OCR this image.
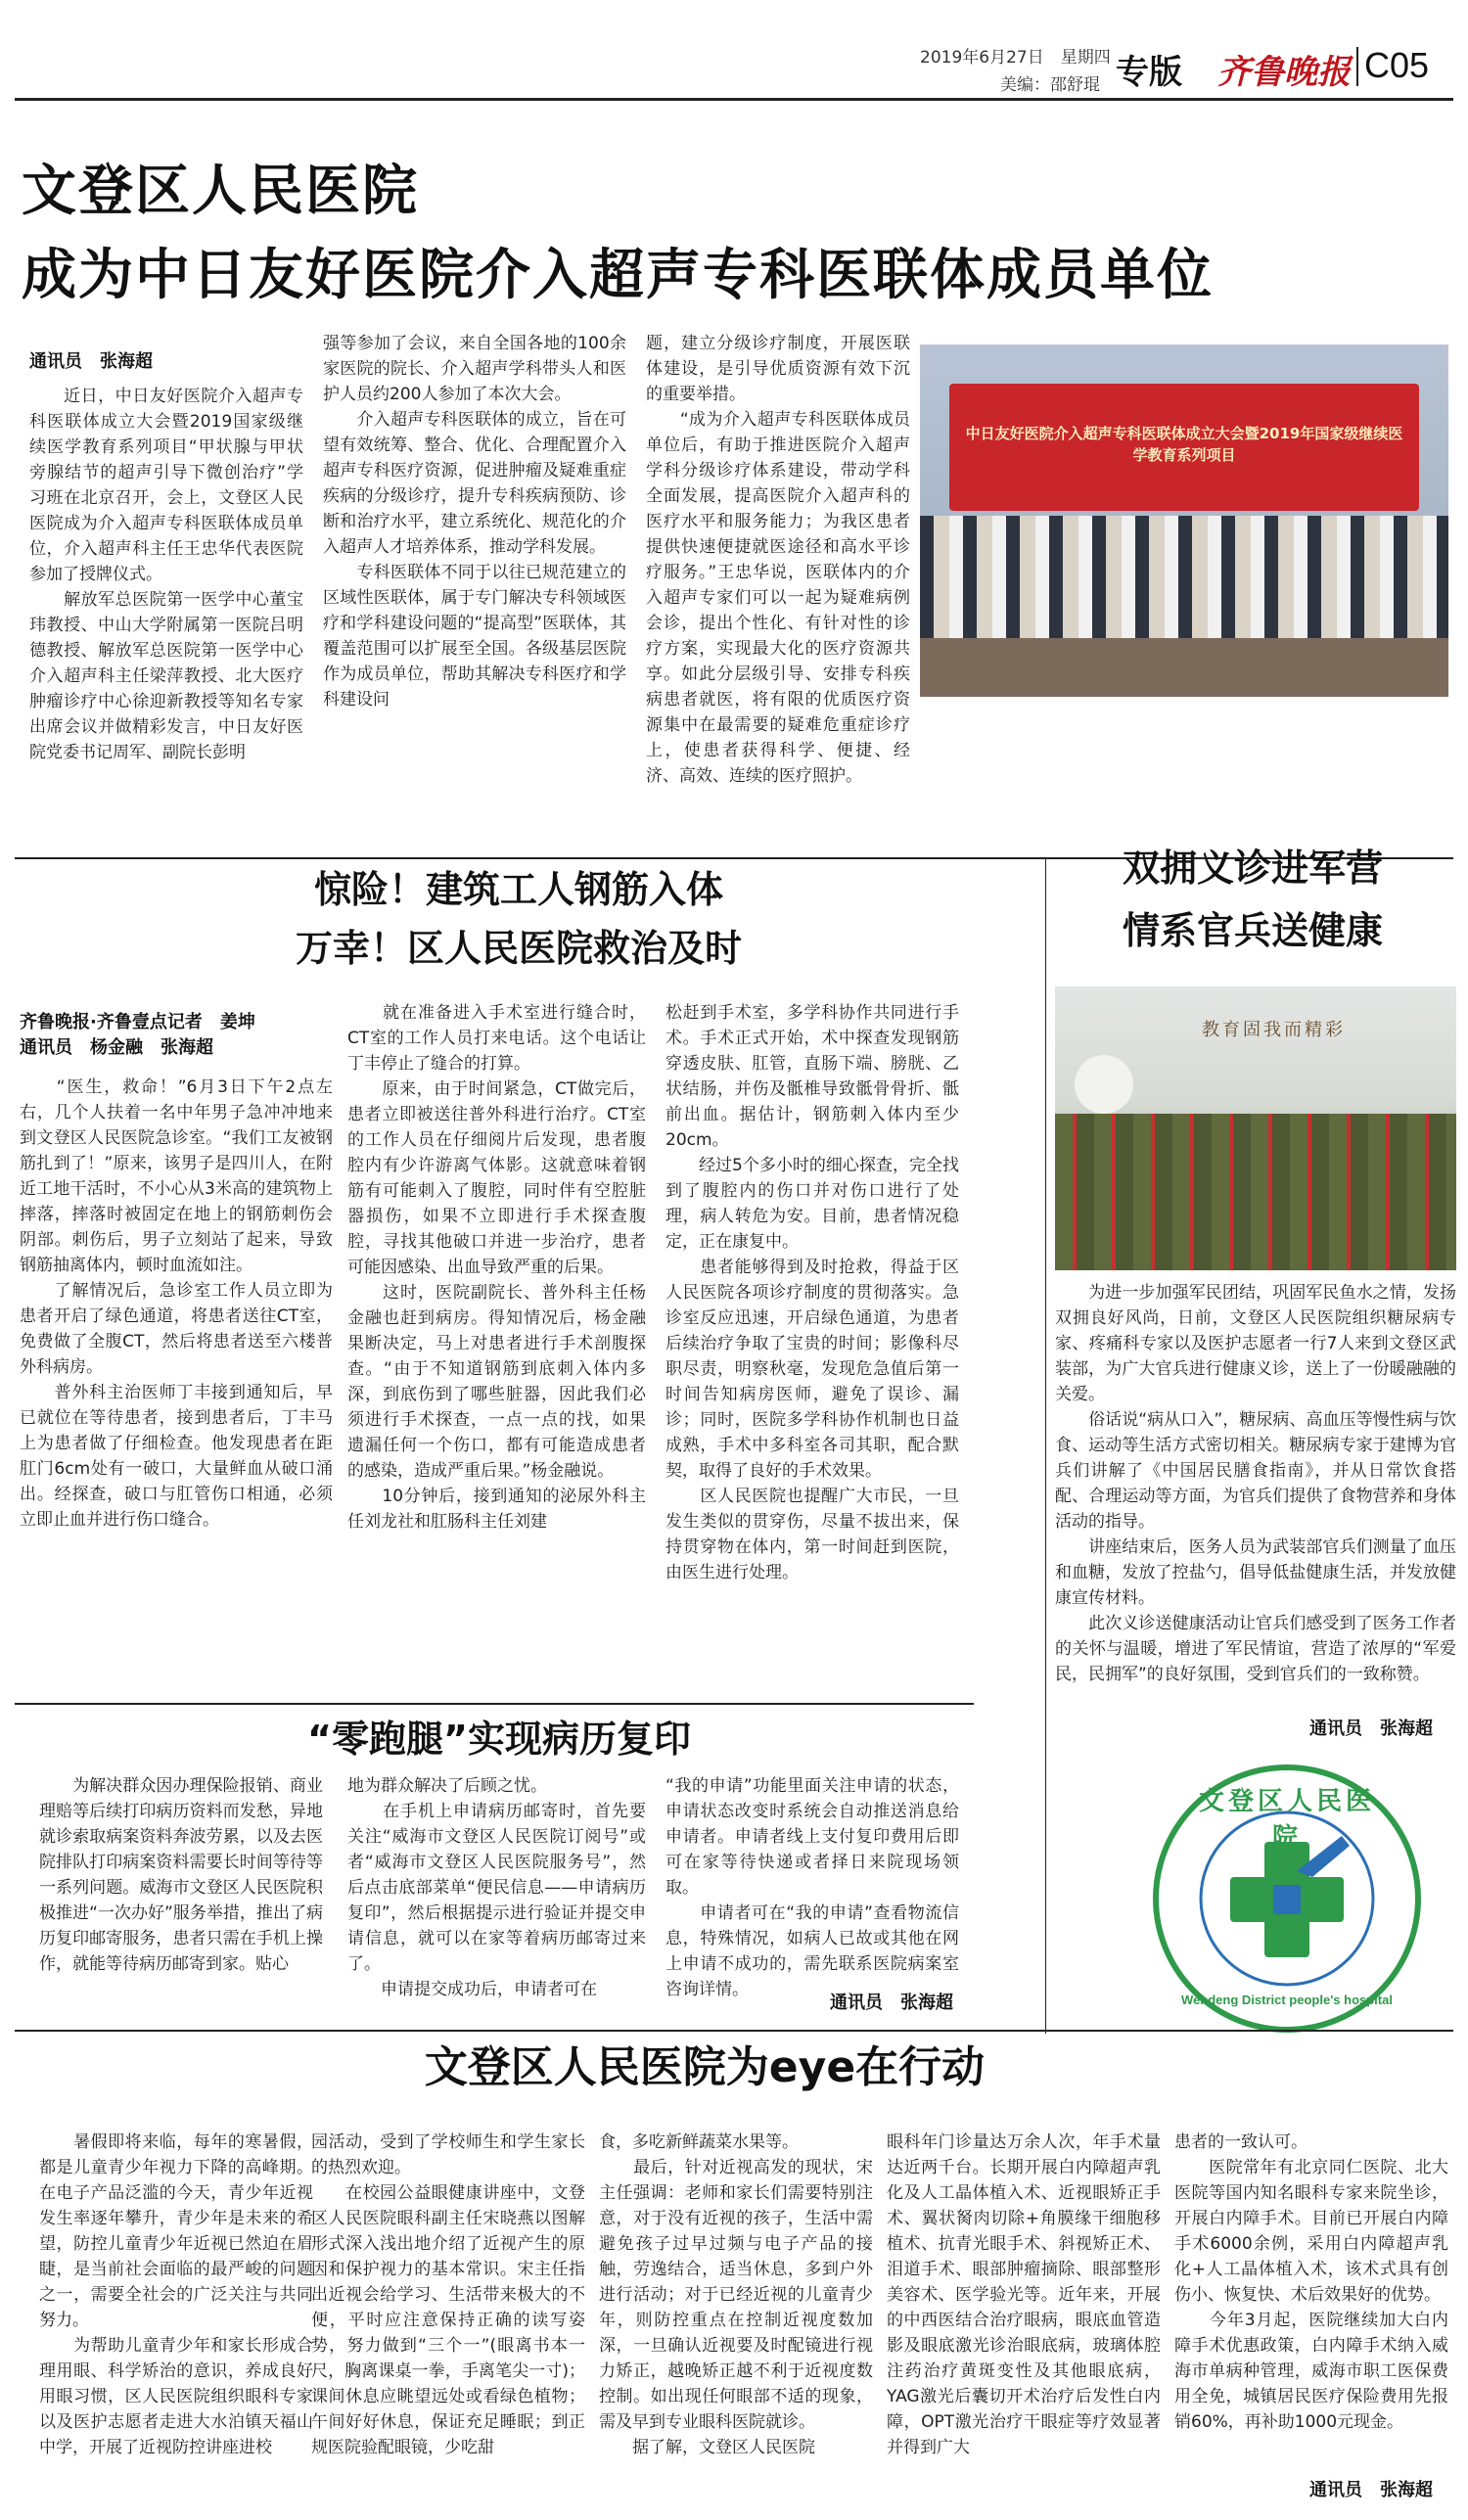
2019年6月27日　星期四
美编：邵舒琨 专版 齐鲁晚报 C05
文登区人民医院
成为中日友好医院介入超声专科医联体成员单位
通讯员　张海超
　　近日，中日友好医院介入超声专科医联体成立大会暨2019国家级继续医学教育系列项目“甲状腺与甲状旁腺结节的超声引导下微创治疗”学习班在北京召开，会上，文登区人民医院成为介入超声专科医联体成员单位，介入超声科主任王忠华代表医院参加了授牌仪式。
　　解放军总医院第一医学中心董宝玮教授、中山大学附属第一医院吕明德教授、解放军总医院第一医学中心介入超声科主任梁萍教授、北大医疗肿瘤诊疗中心徐迎新教授等知名专家出席会议并做精彩发言，中日友好医院党委书记周军、副院长彭明
强等参加了会议，来自全国各地的100余家医院的院长、介入超声学科带头人和医护人员约200人参加了本次大会。
　　介入超声专科医联体的成立，旨在可望有效统筹、整合、优化、合理配置介入超声专科医疗资源，促进肿瘤及疑难重症疾病的分级诊疗，提升专科疾病预防、诊断和治疗水平，建立系统化、规范化的介入超声人才培养体系，推动学科发展。
　　专科医联体不同于以往已规范建立的区域性医联体，属于专门解决专科领域医疗和学科建设问题的“提高型”医联体，其覆盖范围可以扩展至全国。各级基层医院作为成员单位，帮助其解决专科医疗和学科建设问
题，建立分级诊疗制度，开展医联体建设，是引导优质资源有效下沉的重要举措。
　　“成为介入超声专科医联体成员单位后，有助于推进医院介入超声学科分级诊疗体系建设，带动学科全面发展，提高医院介入超声科的医疗水平和服务能力；为我区患者提供快速便捷就医途径和高水平诊疗服务。”王忠华说，医联体内的介入超声专家们可以一起为疑难病例会诊，提出个性化、有针对性的诊疗方案，实现最大化的医疗资源共享。如此分层级引导、安排专科疾病患者就医，将有限的优质医疗资源集中在最需要的疑难危重症诊疗上，使患者获得科学、便捷、经济、高效、连续的医疗照护。
中日友好医院介入超声专科医联体成立大会暨2019年国家级继续医学教育系列项目
惊险！建筑工人钢筋入体
万幸！区人民医院救治及时
齐鲁晚报·齐鲁壹点记者　姜坤
通讯员　杨金融　张海超
　　“医生，救命！”6月3日下午2点左右，几个人扶着一名中年男子急冲冲地来到文登区人民医院急诊室。“我们工友被钢筋扎到了！”原来，该男子是四川人，在附近工地干活时，不小心从3米高的建筑物上摔落，摔落时被固定在地上的钢筋刺伤会阴部。刺伤后，男子立刻站了起来，导致钢筋抽离体内，顿时血流如注。
　　了解情况后，急诊室工作人员立即为患者开启了绿色通道，将患者送往CT室，免费做了全腹CT，然后将患者送至六楼普外科病房。
　　普外科主治医师丁丰接到通知后，早已就位在等待患者，接到患者后，丁丰马上为患者做了仔细检查。他发现患者在距肛门6cm处有一破口，大量鲜血从破口涌出。经探查，破口与肛管伤口相通，必须立即止血并进行伤口缝合。
　　就在准备进入手术室进行缝合时，CT室的工作人员打来电话。这个电话让丁丰停止了缝合的打算。
　　原来，由于时间紧急，CT做完后，患者立即被送往普外科进行治疗。CT室的工作人员在仔细阅片后发现，患者腹腔内有少许游离气体影。这就意味着钢筋有可能刺入了腹腔，同时伴有空腔脏器损伤，如果不立即进行手术探查腹腔，寻找其他破口并进一步治疗，患者可能因感染、出血导致严重的后果。
　　这时，医院副院长、普外科主任杨金融也赶到病房。得知情况后，杨金融果断决定，马上对患者进行手术剖腹探查。“由于不知道钢筋到底刺入体内多深，到底伤到了哪些脏器，因此我们必须进行手术探查，一点一点的找，如果遗漏任何一个伤口，都有可能造成患者的感染，造成严重后果。”杨金融说。
　　10分钟后，接到通知的泌尿外科主任刘龙社和肛肠科主任刘建
松赶到手术室，多学科协作共同进行手术。手术正式开始，术中探查发现钢筋穿透皮肤、肛管，直肠下端、膀胱、乙状结肠，并伤及骶椎导致骶骨骨折、骶前出血。据估计，钢筋刺入体内至少20cm。
　　经过5个多小时的细心探查，完全找到了腹腔内的伤口并对伤口进行了处理，病人转危为安。目前，患者情况稳定，正在康复中。
　　患者能够得到及时抢救，得益于区人民医院各项诊疗制度的贯彻落实。急诊室反应迅速，开启绿色通道，为患者后续治疗争取了宝贵的时间；影像科尽职尽责，明察秋毫，发现危急值后第一时间告知病房医师，避免了误诊、漏诊；同时，医院多学科协作机制也日益成熟，手术中多科室各司其职，配合默契，取得了良好的手术效果。
　　区人民医院也提醒广大市民，一旦发生类似的贯穿伤，尽量不拔出来，保持贯穿物在体内，第一时间赶到医院，由医生进行处理。
双拥义诊进军营
情系官兵送健康
教育固我而精彩
　　为进一步加强军民团结，巩固军民鱼水之情，发扬双拥良好风尚，日前，文登区人民医院组织糖尿病专家、疼痛科专家以及医护志愿者一行7人来到文登区武装部，为广大官兵进行健康义诊，送上了一份暖融融的关爱。
　　俗话说“病从口入”，糖尿病、高血压等慢性病与饮食、运动等生活方式密切相关。糖尿病专家于建博为官兵们讲解了《中国居民膳食指南》，并从日常饮食搭配、合理运动等方面，为官兵们提供了食物营养和身体活动的指导。
　　讲座结束后，医务人员为武装部官兵们测量了血压和血糖，发放了控盐勺，倡导低盐健康生活，并发放健康宣传材料。
　　此次义诊送健康活动让官兵们感受到了医务工作者的关怀与温暖，增进了军民情谊，营造了浓厚的“军爱民，民拥军”的良好氛围，受到官兵们的一致称赞。
通讯员　张海超
“零跑腿”实现病历复印
　　为解决群众因办理保险报销、商业理赔等后续打印病历资料而发愁，异地就诊索取病案资料奔波劳累，以及去医院排队打印病案资料需要长时间等待等一系列问题。威海市文登区人民医院积极推进“一次办好”服务举措，推出了病历复印邮寄服务，患者只需在手机上操作，就能等待病历邮寄到家。贴心
地为群众解决了后顾之忧。
　　在手机上申请病历邮寄时，首先要关注“威海市文登区人民医院订阅号”或者“威海市文登区人民医院服务号”，然后点击底部菜单“便民信息——申请病历复印”，然后根据提示进行验证并提交申请信息，就可以在家等着病历邮寄过来了。
　　申请提交成功后，申请者可在
“我的申请”功能里面关注申请的状态，申请状态改变时系统会自动推送消息给申请者。申请者线上支付复印费用后即可在家等待快递或者择日来院现场领取。
　　申请者可在“我的申请”查看物流信息，特殊情况，如病人已故或其他在网上申请不成功的，需先联系医院病案室咨询详情。
通讯员　张海超
文登区人民医院
Wendeng District people's hospital
文登区人民医院为eye在行动
　　暑假即将来临，每年的寒暑假，都是儿童青少年视力下降的高峰期。在电子产品泛滥的今天，青少年近视发生率逐年攀升，青少年是未来的希望，防控儿童青少年近视已然迫在眉睫，是当前社会面临的最严峻的问题之一，需要全社会的广泛关注与共同努力。
　　为帮助儿童青少年和家长形成合理用眼、科学矫治的意识，养成良好用眼习惯，区人民医院组织眼科专家以及医护志愿者走进大水泊镇天福山中学，开展了近视防控讲座进校
园活动，受到了学校师生和学生家长的热烈欢迎。
　　在校园公益眼健康讲座中，文登区人民医院眼科副主任宋晓燕以图解形式深入浅出地介绍了近视产生的原因和保护视力的基本常识。宋主任指出近视会给学习、生活带来极大的不便，平时应注意保持正确的读写姿势，努力做到“三个一”(眼离书本一尺，胸离课桌一拳，手离笔尖一寸)；课间休息应眺望远处或看绿色植物；午间好好休息，保证充足睡眠；到正规医院验配眼镜，少吃甜
食，多吃新鲜蔬菜水果等。
　　最后，针对近视高发的现状，宋主任强调：老师和家长们需要特别注意，对于没有近视的孩子，生活中需避免孩子过早过频与电子产品的接触，劳逸结合，适当休息，多到户外进行活动；对于已经近视的儿童青少年，则防控重点在控制近视度数加深，一旦确认近视要及时配镜进行视力矫正，越晚矫正越不利于近视度数控制。如出现任何眼部不适的现象，需及早到专业眼科医院就诊。
　　据了解，文登区人民医院
眼科年门诊量达万余人次，年手术量达近两千台。长期开展白内障超声乳化及人工晶体植入术、近视眼矫正手术、翼状胬肉切除+角膜缘干细胞移植术、抗青光眼手术、斜视矫正术、泪道手术、眼部肿瘤摘除、眼部整形美容术、医学验光等。近年来，开展的中西医结合治疗眼病，眼底血管造影及眼底激光诊治眼底病，玻璃体腔注药治疗黄斑变性及其他眼底病，YAG激光后囊切开术治疗后发性白内障，OPT激光治疗干眼症等疗效显著并得到广大
患者的一致认可。
　　医院常年有北京同仁医院、北大医院等国内知名眼科专家来院坐诊，开展白内障手术。目前已开展白内障手术6000余例，采用白内障超声乳化+人工晶体植入术，该术式具有创伤小、恢复快、术后效果好的优势。
　　今年3月起，医院继续加大白内障手术优惠政策，白内障手术纳入威海市单病种管理，威海市职工医保费用全免，城镇居民医疗保险费用先报销60%，再补助1000元现金。
通讯员　张海超
